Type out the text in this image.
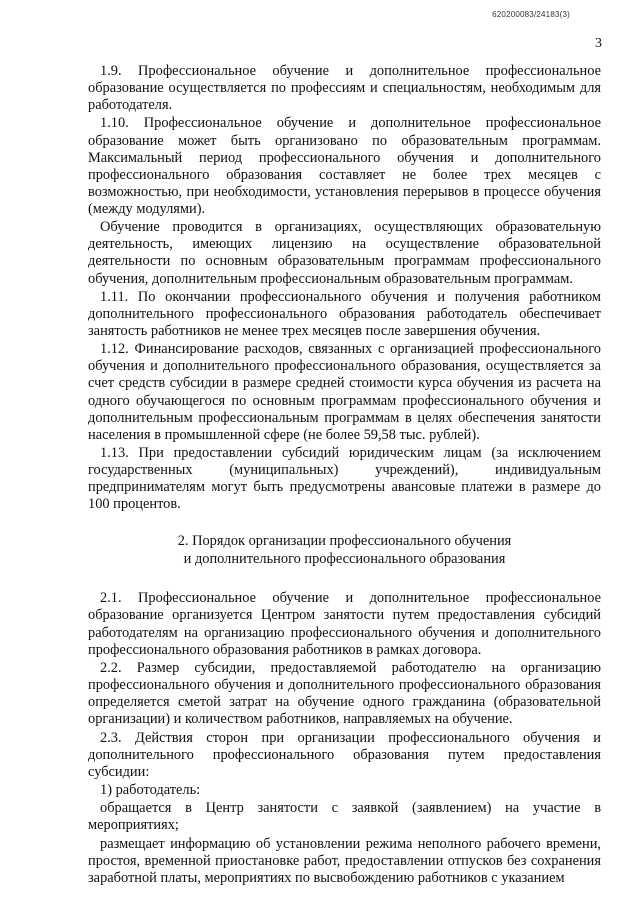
620200083/24183(3)
3

1.9. Профессиональное обучение и дополнительное профессиональное образование осуществляется по профессиям и специальностям, необходимым для работодателя.

1.10. Профессиональное обучение и дополнительное профессиональное образование может быть организовано по образовательным программам. Максимальный период профессионального обучения и дополнительного профессионального образования составляет не более трех месяцев с возможностью, при необходимости, установления перерывов в процессе обучения (между модулями).

Обучение проводится в организациях, осуществляющих образовательную деятельность, имеющих лицензию на осуществление образовательной деятельности по основным образовательным программам профессионального обучения, дополнительным профессиональным образовательным программам.

1.11. По окончании профессионального обучения и получения работником дополнительного профессионального образования работодатель обеспечивает занятость работников не менее трех месяцев после завершения обучения.

1.12. Финансирование расходов, связанных с организацией профессионального обучения и дополнительного профессионального образования, осуществляется за счет средств субсидии в размере средней стоимости курса обучения из расчета на одного обучающегося по основным программам профессионального обучения и дополнительным профессиональным программам в целях обеспечения занятости населения в промышленной сфере (не более 59,58 тыс. рублей).

1.13. При предоставлении субсидий юридическим лицам (за исключением государственных (муниципальных) учреждений), индивидуальным предпринимателям могут быть предусмотрены авансовые платежи в размере до 100 процентов.

2. Порядок организации профессионального обучения
и дополнительного профессионального образования

2.1. Профессиональное обучение и дополнительное профессиональное образование организуется Центром занятости путем предоставления субсидий работодателям на организацию профессионального обучения и дополнительного профессионального образования работников в рамках договора.

2.2. Размер субсидии, предоставляемой работодателю на организацию профессионального обучения и дополнительного профессионального образования определяется сметой затрат на обучение одного гражданина (образовательной организации) и количеством работников, направляемых на обучение.

2.3. Действия сторон при организации профессионального обучения и дополнительного профессионального образования путем предоставления субсидии:

1) работодатель:

обращается в Центр занятости с заявкой (заявлением) на участие в мероприятиях;

размещает информацию об установлении режима неполного рабочего времени, простоя, временной приостановке работ, предоставлении отпусков без сохранения заработной платы, мероприятиях по высвобождению работников с указанием
